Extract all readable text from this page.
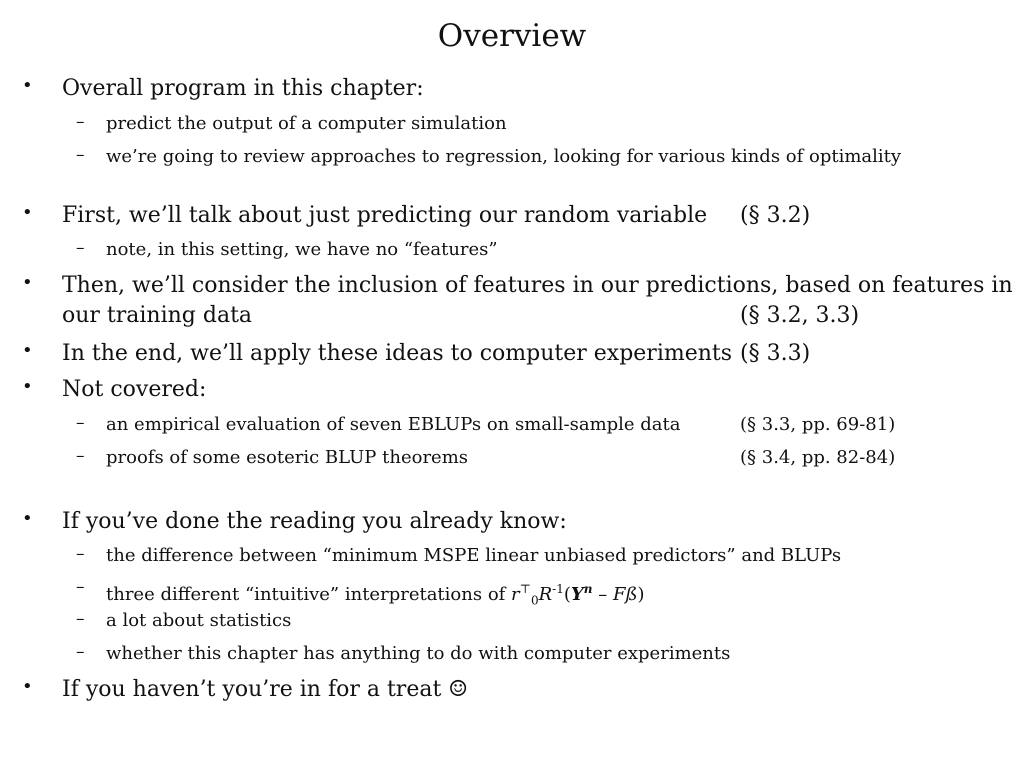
Overview
• Overall program in this chapter:
– predict the output of a computer simulation
– we’re going to review approaches to regression, looking for various kinds of optimality
• First, we’ll talk about just predicting our random variable (§ 3.2)
– note, in this setting, we have no “features”
• Then, we’ll consider the inclusion of features in our predictions, based on features in
our training data	(§ 3.2, 3.3)
• In the end, we’ll apply these ideas to computer experiments (§ 3.3)
• Not covered:
– an empirical evaluation of seven EBLUPs on small-sample data	(§ 3.3, pp. 69-81)
– proofs of some esoteric BLUP theorems	(§ 3.4, pp. 82-84)
• If you’ve done the reading you already know:
– the difference between “minimum MSPE linear unbiased predictors” and BLUPs
– three different “intuitive” interpretations of $r^⊤_0R^{-1}(Y^n$ – Fß)
– a lot about statistics
– whether this chapter has anything to do with computer experiments
• If you haven’t you’re in for a treat ☺
